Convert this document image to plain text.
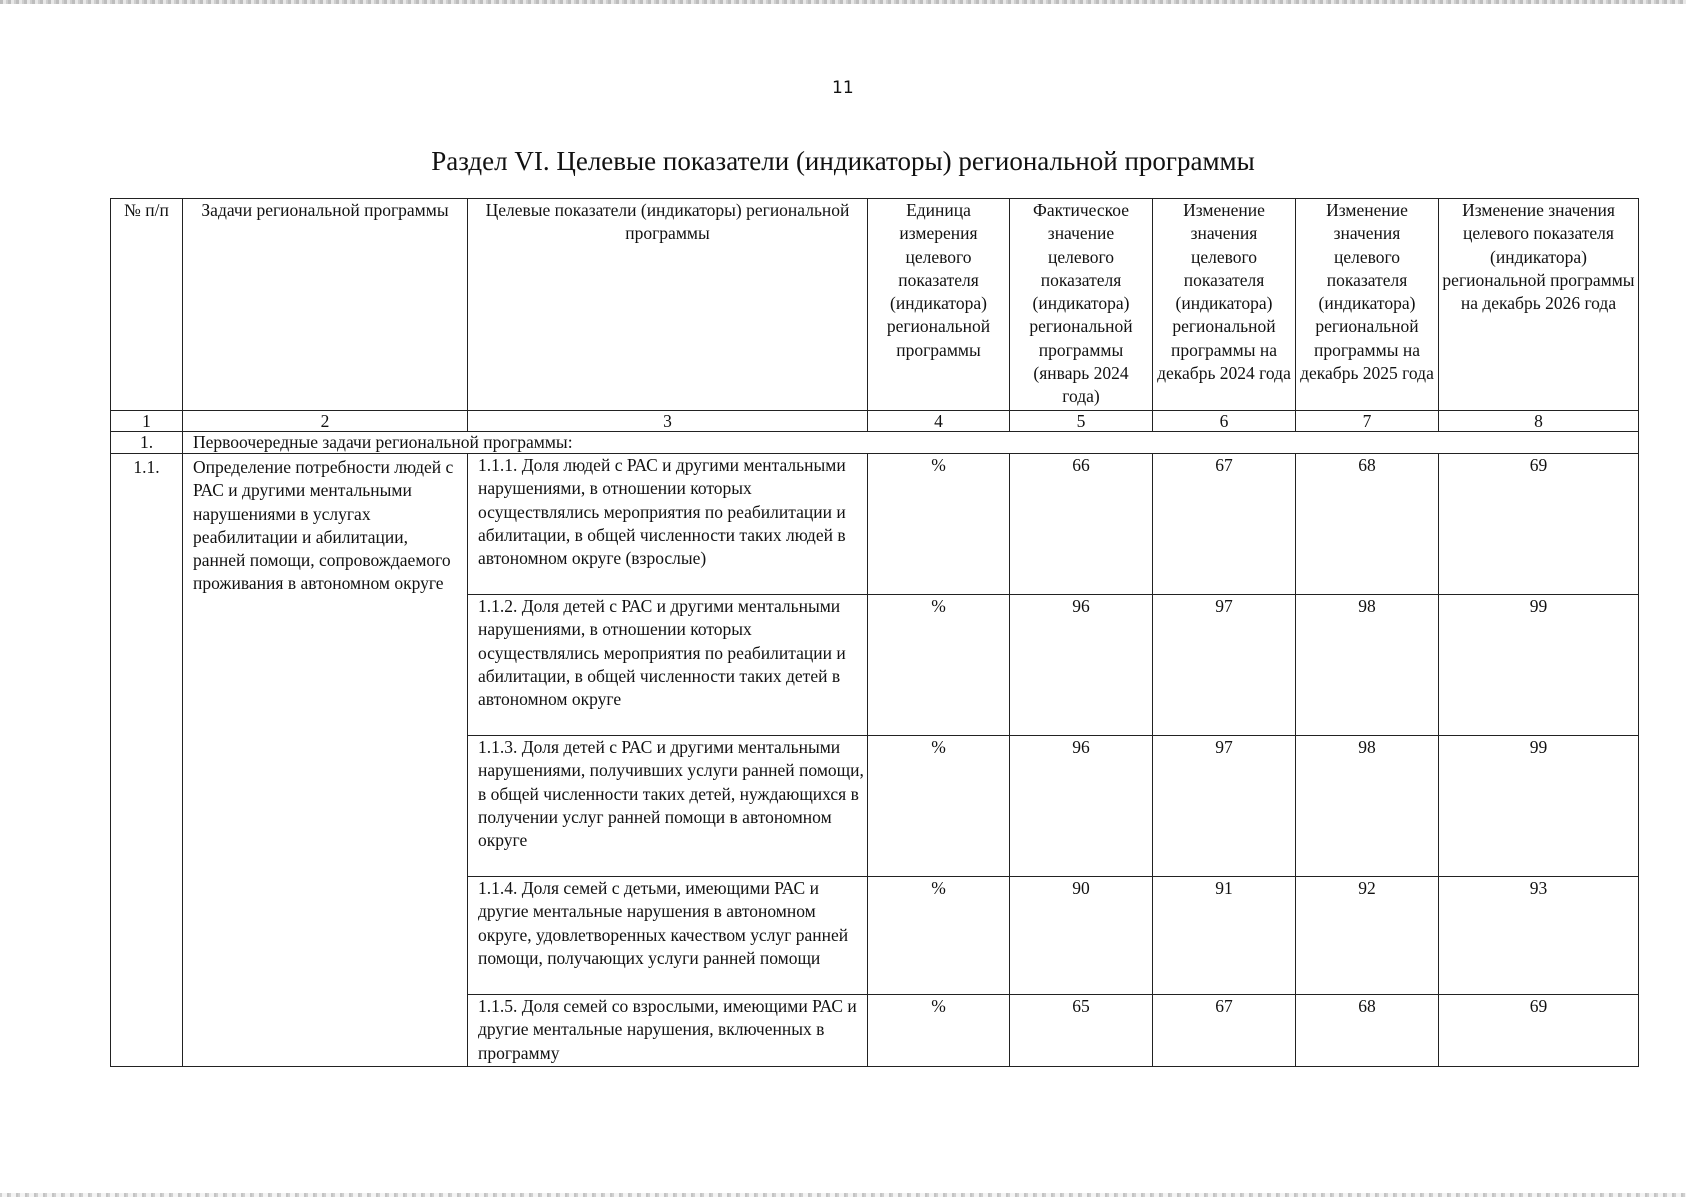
11
Раздел VI. Целевые показатели (индикаторы) региональной программы
№ п/п	Задачи региональной программы	Целевые показатели (индикаторы) региональной программы	Единица измерения целевого показателя (индикатора) региональной программы	Фактическое значение целевого показателя (индикатора) региональной программы (январь 2024 года)	Изменение значения целевого показателя (индикатора) региональной программы на декабрь 2024 года	Изменение значения целевого показателя (индикатора) региональной программы на декабрь 2025 года	Изменение значения целевого показателя (индикатора) региональной программы на декабрь 2026 года
1	2	3	4	5	6	7	8
1.	Первоочередные задачи региональной программы:						
1.1.	Определение потребности людей с РАС и другими ментальными нарушениями в услугах реабилитации и абилитации, ранней помощи, сопровождаемого проживания в автономном округе	1.1.1. Доля людей с РАС и другими ментальными нарушениями, в отношении которых осуществлялись мероприятия по реабилитации и абилитации, в общей численности таких людей в автономном округе (взрослые)	%	66	67	68	69
		1.1.2. Доля детей с РАС и другими ментальными нарушениями, в отношении которых осуществлялись мероприятия по реабилитации и абилитации, в общей численности таких детей в автономном округе	%	96	97	98	99
		1.1.3. Доля детей с РАС и другими ментальными нарушениями, получивших услуги ранней помощи, в общей численности таких детей, нуждающихся в получении услуг ранней помощи в автономном округе	%	96	97	98	99
		1.1.4. Доля семей с детьми, имеющими РАС и другие ментальные нарушения в автономном округе, удовлетворенных качеством услуг ранней помощи, получающих услуги ранней помощи	%	90	91	92	93
		1.1.5. Доля семей со взрослыми, имеющими РАС и другие ментальные нарушения, включенных в программу	%	65	67	68	69
